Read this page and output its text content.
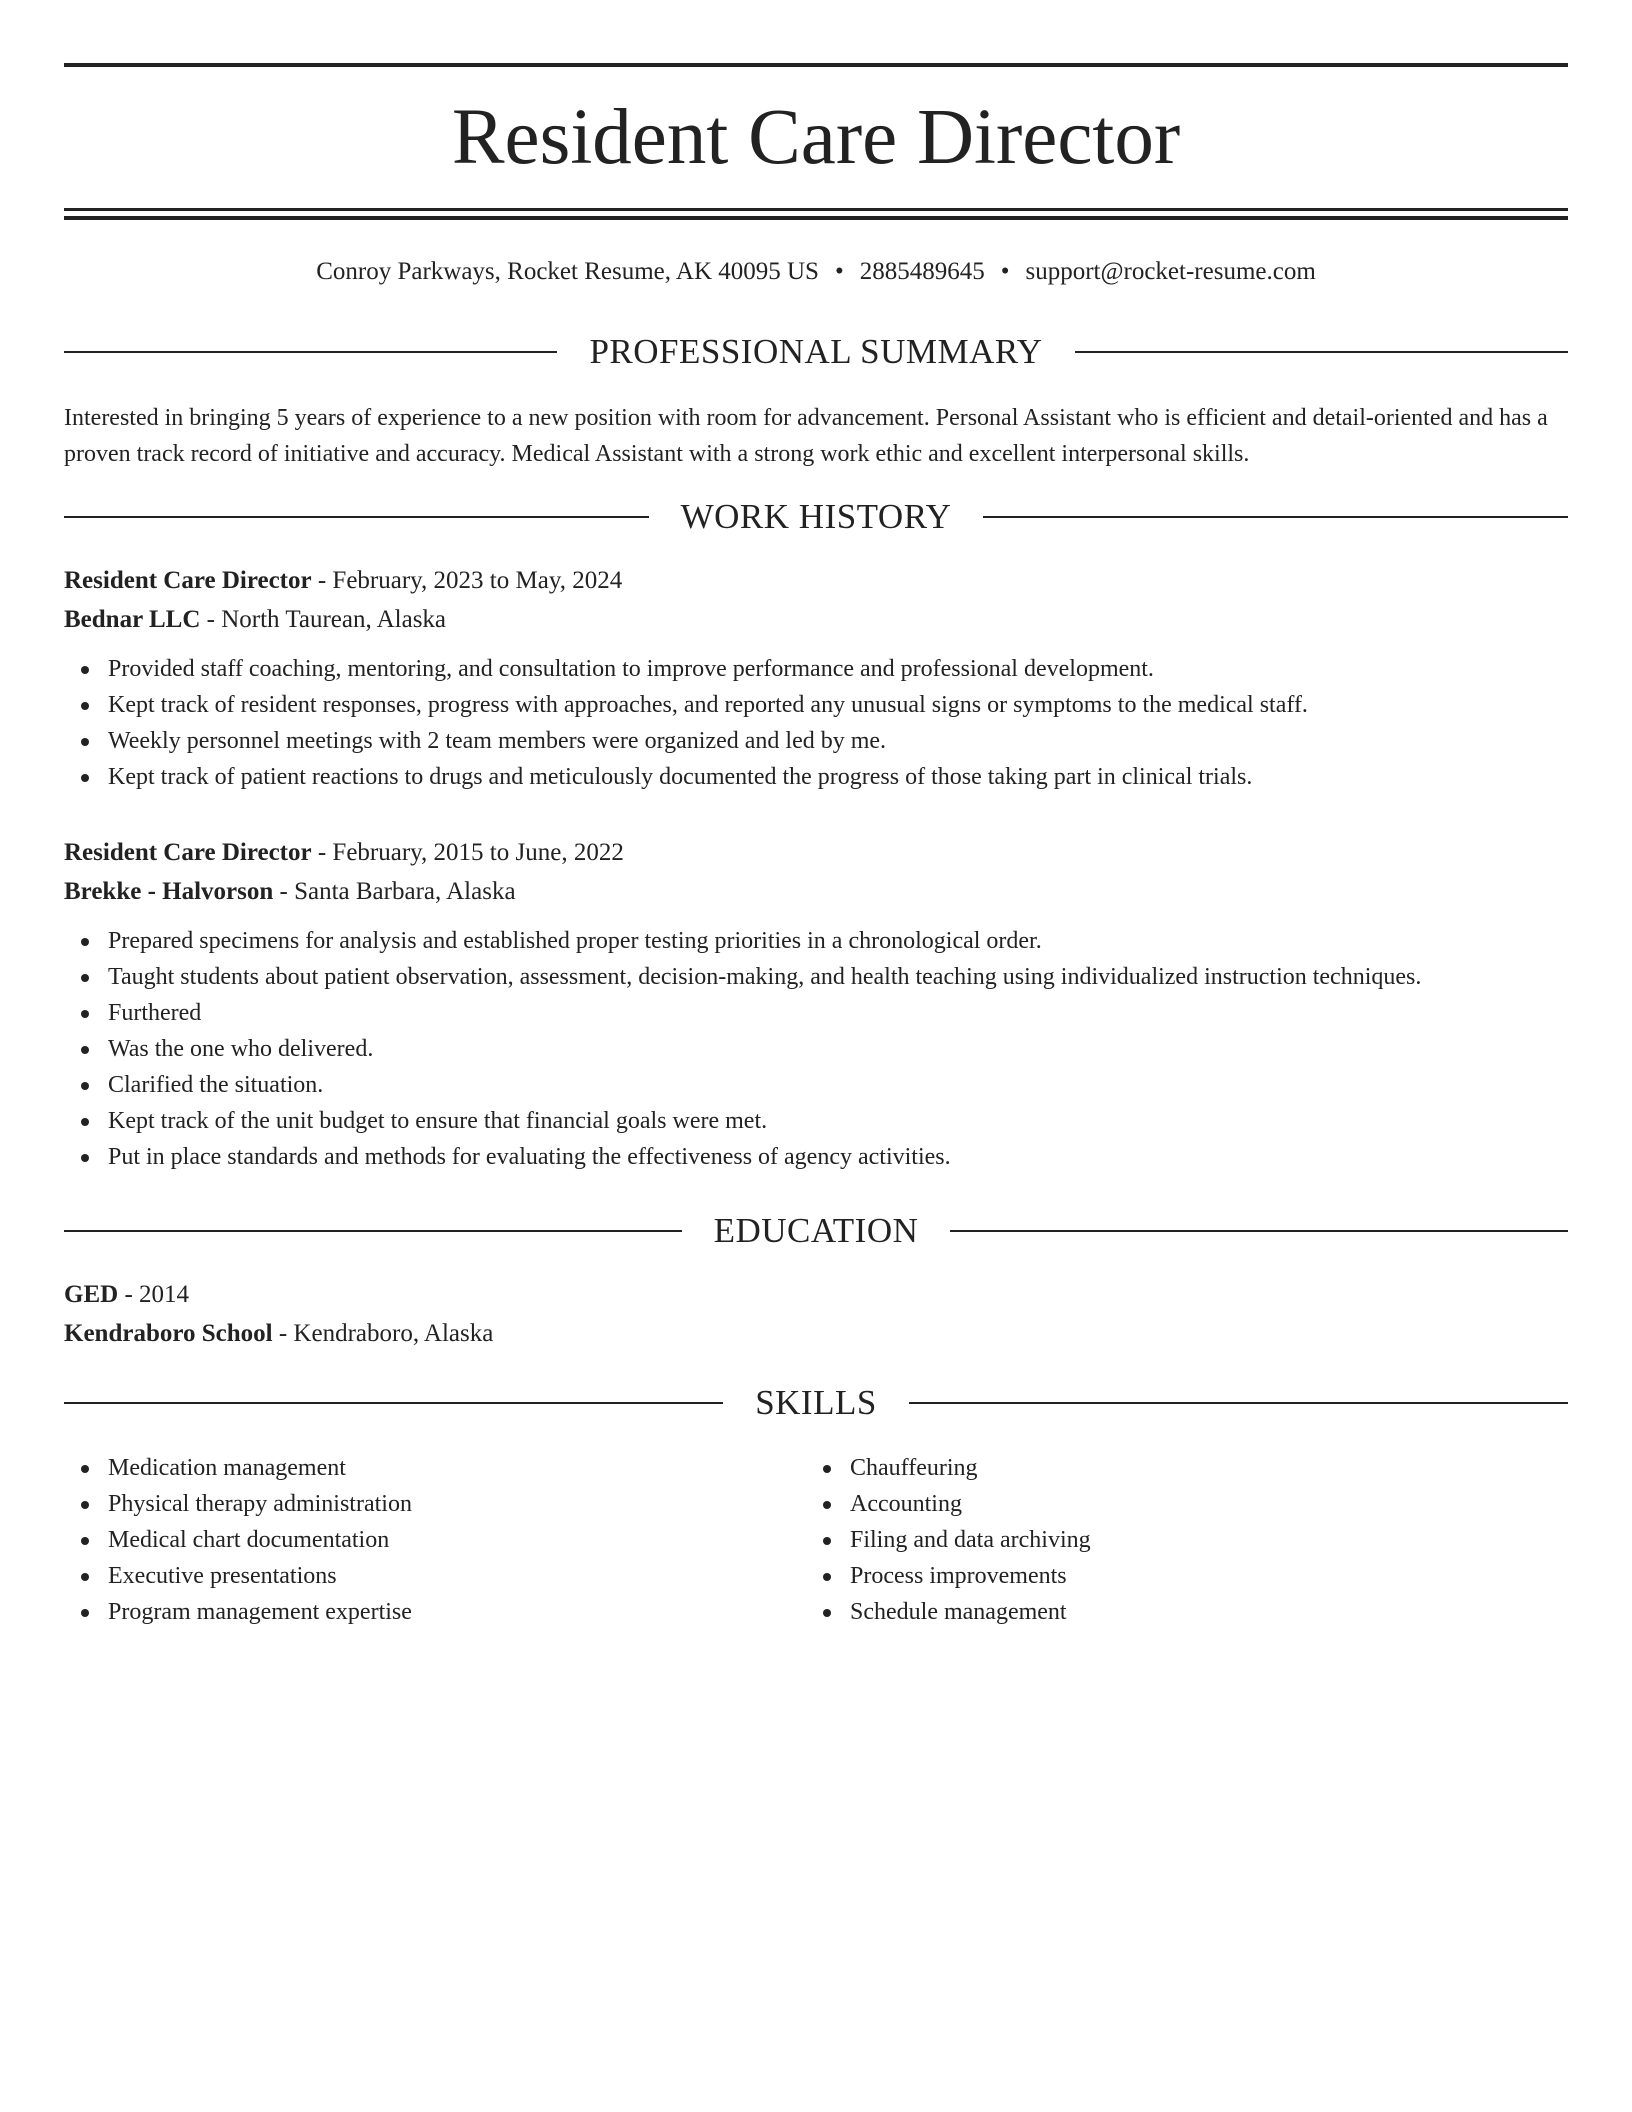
Resident Care Director
Conroy Parkways, Rocket Resume, AK 40095 US • 2885489645 • support@rocket-resume.com
PROFESSIONAL SUMMARY

Interested in bringing 5 years of experience to a new position with room for advancement. Personal Assistant who is efficient and detail-oriented and has a proven track record of initiative and accuracy. Medical Assistant with a strong work ethic and excellent interpersonal skills.

WORK HISTORY
Resident Care Director - February, 2023 to May, 2024
Bednar LLC - North Taurean, Alaska
Provided staff coaching, mentoring, and consultation to improve performance and professional development.
Kept track of resident responses, progress with approaches, and reported any unusual signs or symptoms to the medical staff.
Weekly personnel meetings with 2 team members were organized and led by me.
Kept track of patient reactions to drugs and meticulously documented the progress of those taking part in clinical trials.
Resident Care Director - February, 2015 to June, 2022
Brekke - Halvorson - Santa Barbara, Alaska
Prepared specimens for analysis and established proper testing priorities in a chronological order.
Taught students about patient observation, assessment, decision-making, and health teaching using individualized instruction techniques.
Furthered
Was the one who delivered.
Clarified the situation.
Kept track of the unit budget to ensure that financial goals were met.
Put in place standards and methods for evaluating the effectiveness of agency activities.
EDUCATION
GED - 2014
Kendraboro School - Kendraboro, Alaska
SKILLS
Medication management
Physical therapy administration
Medical chart documentation
Executive presentations
Program management expertise
Chauffeuring
Accounting
Filing and data archiving
Process improvements
Schedule management
